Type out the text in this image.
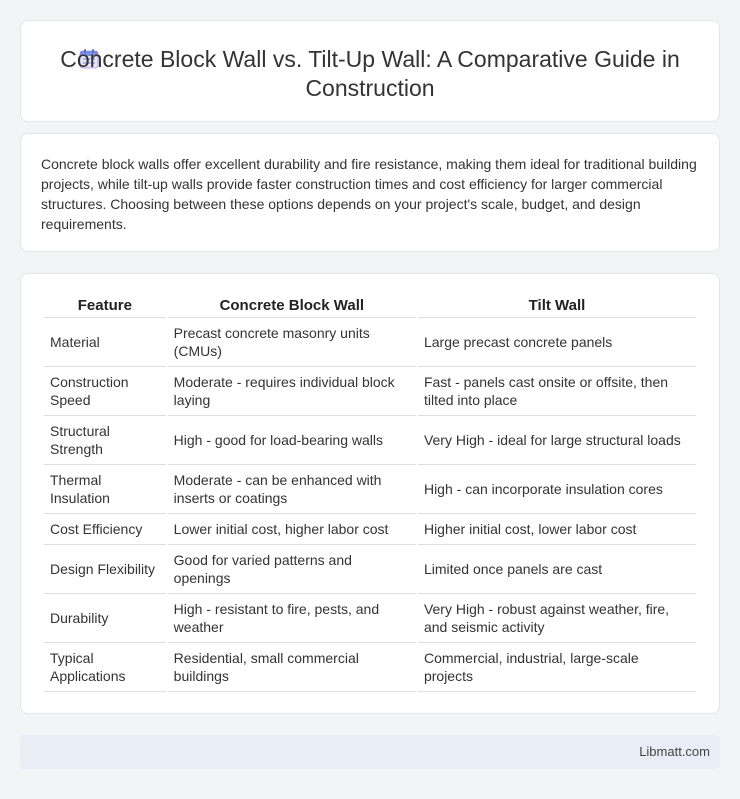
Concrete Block Wall vs. Tilt-Up Wall: A Comparative Guide in Construction

Concrete block walls offer excellent durability and fire resistance, making them ideal for traditional building projects, while tilt-up walls provide faster construction times and cost efficiency for larger commercial structures. Choosing between these options depends on your project's scale, budget, and design requirements.

Feature	Concrete Block Wall	Tilt Wall
Material	Precast concrete masonry units (CMUs)	Large precast concrete panels
Construction Speed	Moderate - requires individual block laying	Fast - panels cast onsite or offsite, then tilted into place
Structural Strength	High - good for load-bearing walls	Very High - ideal for large structural loads
Thermal Insulation	Moderate - can be enhanced with inserts or coatings	High - can incorporate insulation cores
Cost Efficiency	Lower initial cost, higher labor cost	Higher initial cost, lower labor cost
Design Flexibility	Good for varied patterns and openings	Limited once panels are cast
Durability	High - resistant to fire, pests, and weather	Very High - robust against weather, fire, and seismic activity
Typical Applications	Residential, small commercial buildings	Commercial, industrial, large-scale projects
Libmatt.com
